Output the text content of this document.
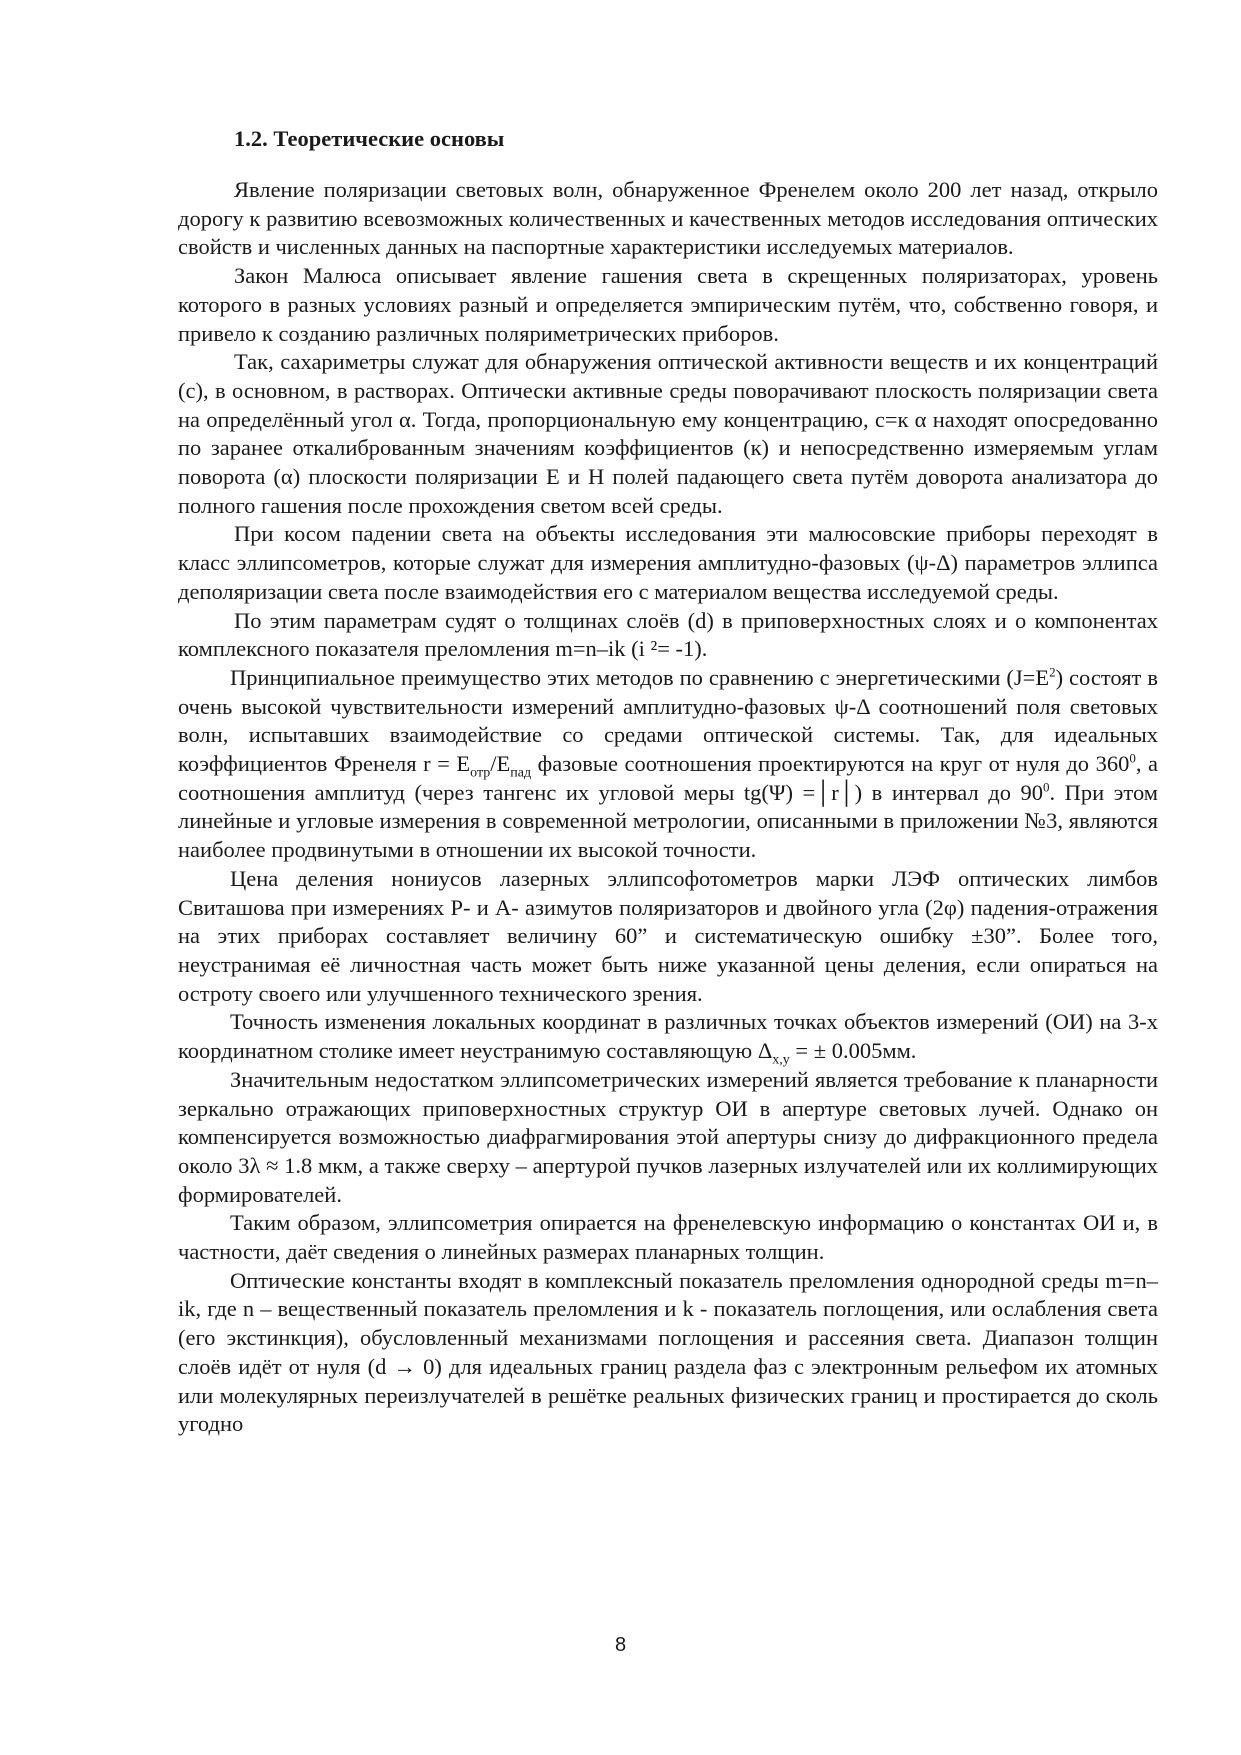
1.2. Теоретические основы

Явление поляризации световых волн, обнаруженное Френелем около 200 лет назад, открыло дорогу к развитию всевозможных количественных и качественных методов исследования оптических свойств и численных данных на паспортные характеристики исследуемых материалов.

Закон Малюса описывает явление гашения света в скрещенных поляризаторах, уровень которого в разных условиях разный и определяется эмпирическим путём, что, собственно говоря, и привело к созданию различных поляриметрических приборов.

Так, сахариметры служат для обнаружения оптической активности веществ и их концентраций (с), в основном, в растворах. Оптически активные среды поворачивают плоскость поляризации света на определённый угол α. Тогда, пропорциональную ему концентрацию, с=к α находят опосредованно по заранее откалиброванным значениям коэффициентов (к) и непосредственно измеряемым углам поворота (α) плоскости поляризации Е и Н полей падающего света путём доворота анализатора до полного гашения после прохождения светом всей среды.

При косом падении света на объекты исследования эти малюсовские приборы переходят в класс эллипсометров, которые служат для измерения амплитудно-фазовых (ψ-Δ) параметров эллипса деполяризации света после взаимодействия его с материалом вещества исследуемой среды.

По этим параметрам судят о толщинах слоёв (d) в приповерхностных слоях и о компонентах комплексного показателя преломления m=n–ik (i ²= -1).

Принципиальное преимущество этих методов по сравнению с энергетическими $(J=E^2)$ состоят в очень высокой чувствительности измерений амплитудно-фазовых ψ-Δ соотношений поля световых волн, испытавших взаимодействие со средами оптической системы. Так, для идеальных коэффициентов Френеля $r = E_{отр}/E_{пад}$ фазовые соотношения проектируются на круг от нуля до $360^0$, а соотношения амплитуд (через тангенс их угловой меры tg(Ψ) =│r│) в интервал до $90^0$. При этом линейные и угловые измерения в современной метрологии, описанными в приложении №3, являются наиболее продвинутыми в отношении их высокой точности.

Цена деления нониусов лазерных эллипсофотометров марки ЛЭФ оптических лимбов Свиташова при измерениях Р- и А- азимутов поляризаторов и двойного угла (2φ) падения-отражения на этих приборах составляет величину 60” и систематическую ошибку ±30”. Более того, неустранимая её личностная часть может быть ниже указанной цены деления, если опираться на остроту своего или улучшенного технического зрения.

Точность изменения локальных координат в различных точках объектов измерений (ОИ) на 3-х координатном столике имеет неустранимую составляющую $\Delta_{x,y}$ = ± 0.005мм.

Значительным недостатком эллипсометрических измерений является требование к планарности зеркально отражающих приповерхностных структур ОИ в апертуре световых лучей. Однако он компенсируется возможностью диафрагмирования этой апертуры снизу до дифракционного предела около 3λ ≈ 1.8 мкм, а также сверху – апертурой пучков лазерных излучателей или их коллимирующих формирователей.

Таким образом, эллипсометрия опирается на френелевскую информацию о константах ОИ и, в частности, даёт сведения о линейных размерах планарных толщин.

Оптические константы входят в комплексный показатель преломления однородной среды m=n–ik, где n – вещественный показатель преломления и k - показатель поглощения, или ослабления света (его экстинкция), обусловленный механизмами поглощения и рассеяния света. Диапазон толщин слоёв идёт от нуля (d → 0) для идеальных границ раздела фаз с электронным рельефом их атомных или молекулярных переизлучателей в решётке реальных физических границ и простирается до сколь угодно

8
